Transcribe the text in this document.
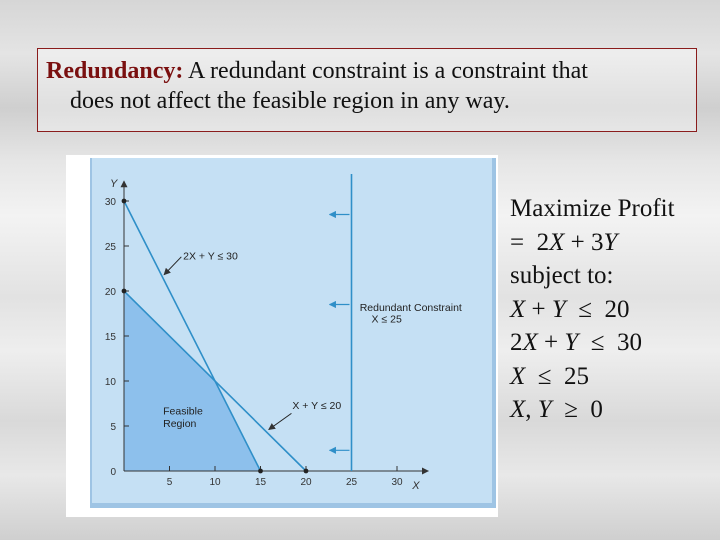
Redundancy: A redundant constraint is a constraint that
does not affect the feasible region in any way.
Y
X
5	10	15	20	25	30
0
5
10
15
20
25
30
Feasible
Region
2X + Y ≤ 30
X + Y ≤ 20
Redundant Constraint
X ≤ 25
Maximize Profit
=  2X + 3Y
subject to:
X + Y  ≤  20
2X + Y  ≤  30
X  ≤  25
X, Y  ≥  0
